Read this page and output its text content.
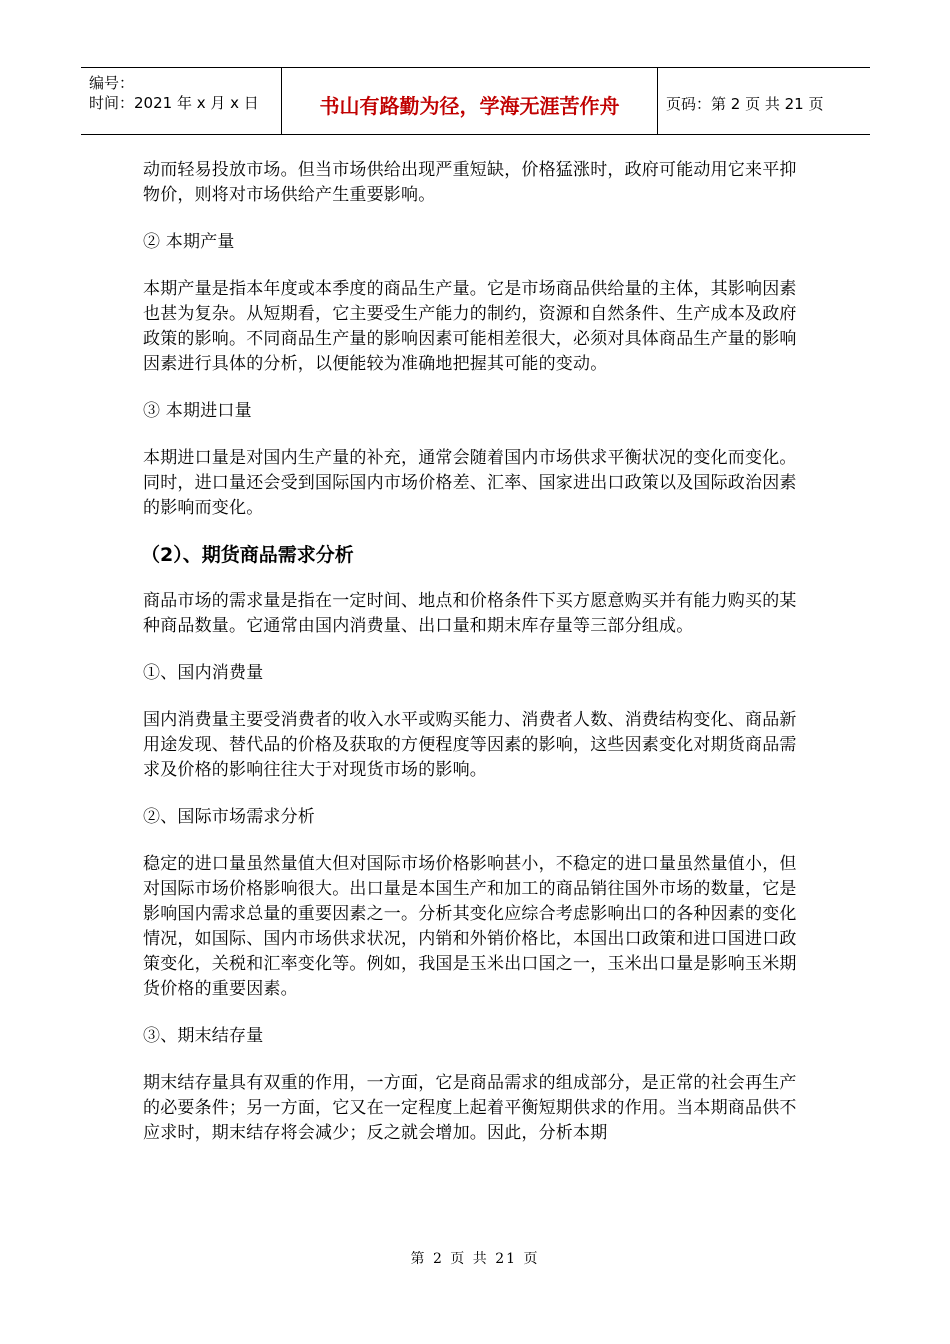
编号：
时间：2021 年 x 月 x 日	书山有路勤为径，学海无涯苦作舟	页码：第 2 页 共 21 页

动而轻易投放市场。但当市场供给出现严重短缺，价格猛涨时，政府可能动用它来平抑物价，则将对市场供给产生重要影响。

② 本期产量

本期产量是指本年度或本季度的商品生产量。它是市场商品供给量的主体，其影响因素也甚为复杂。从短期看，它主要受生产能力的制约，资源和自然条件、生产成本及政府政策的影响。不同商品生产量的影响因素可能相差很大，必须对具体商品生产量的影响因素进行具体的分析，以便能较为准确地把握其可能的变动。

③ 本期进口量

本期进口量是对国内生产量的补充，通常会随着国内市场供求平衡状况的变化而变化。同时，进口量还会受到国际国内市场价格差、汇率、国家进出口政策以及国际政治因素的影响而变化。

（2）、期货商品需求分析

商品市场的需求量是指在一定时间、地点和价格条件下买方愿意购买并有能力购买的某种商品数量。它通常由国内消费量、出口量和期末库存量等三部分组成。

①、国内消费量

国内消费量主要受消费者的收入水平或购买能力、消费者人数、消费结构变化、商品新用途发现、替代品的价格及获取的方便程度等因素的影响，这些因素变化对期货商品需求及价格的影响往往大于对现货市场的影响。

②、国际市场需求分析

稳定的进口量虽然量值大但对国际市场价格影响甚小，不稳定的进口量虽然量值小，但对国际市场价格影响很大。出口量是本国生产和加工的商品销往国外市场的数量，它是影响国内需求总量的重要因素之一。分析其变化应综合考虑影响出口的各种因素的变化情况，如国际、国内市场供求状况，内销和外销价格比，本国出口政策和进口国进口政策变化，关税和汇率变化等。例如，我国是玉米出口国之一，玉米出口量是影响玉米期货价格的重要因素。

③、期末结存量

期末结存量具有双重的作用，一方面，它是商品需求的组成部分，是正常的社会再生产的必要条件；另一方面，它又在一定程度上起着平衡短期供求的作用。当本期商品供不应求时，期末结存将会减少；反之就会增加。因此，分析本期

第 2 页 共 21 页
